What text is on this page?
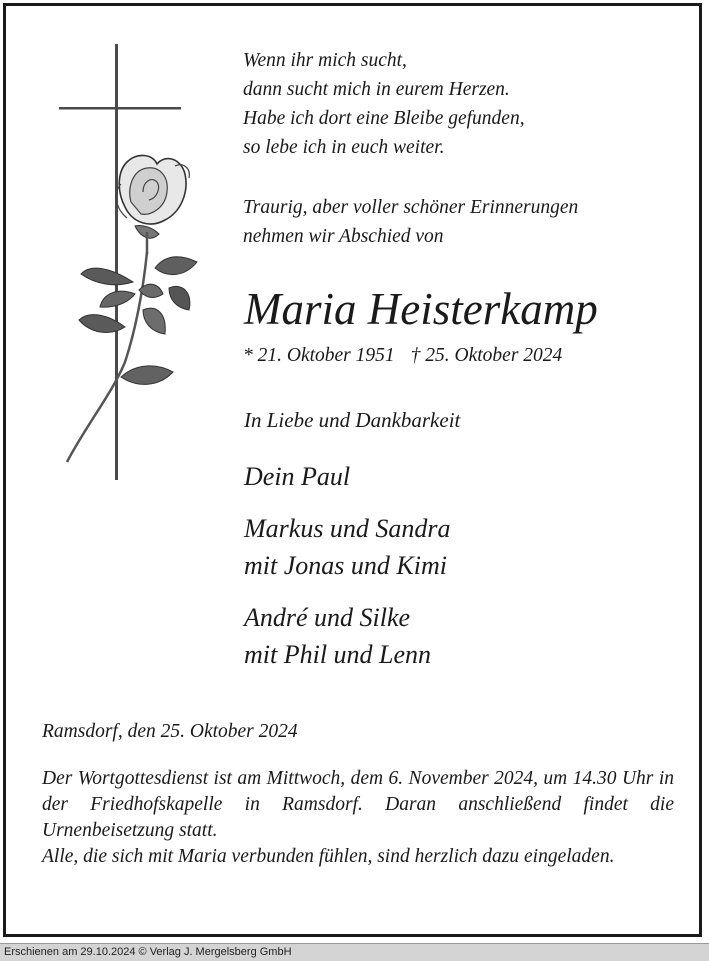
Wenn ihr mich sucht,
dann sucht mich in eurem Herzen.
Habe ich dort eine Bleibe gefunden,
so lebe ich in euch weiter.
Traurig, aber voller schöner Erinnerungen
nehmen wir Abschied von
Maria Heisterkamp
* 21. Oktober 1951 † 25. Oktober 2024
In Liebe und Dankbarkeit
Dein Paul
Markus und Sandra
mit Jonas und Kimi
André und Silke
mit Phil und Lenn
Ramsdorf, den 25. Oktober 2024

Der Wortgottesdienst ist am Mittwoch, dem 6. November 2024, um 14.30 Uhr in der Friedhofskapelle in Ramsdorf. Daran anschließend findet die Urnenbeisetzung statt.

Alle, die sich mit Maria verbunden fühlen, sind herzlich dazu eingeladen.

Erschienen am 29.10.2024 © Verlag J. Mergelsberg GmbH
